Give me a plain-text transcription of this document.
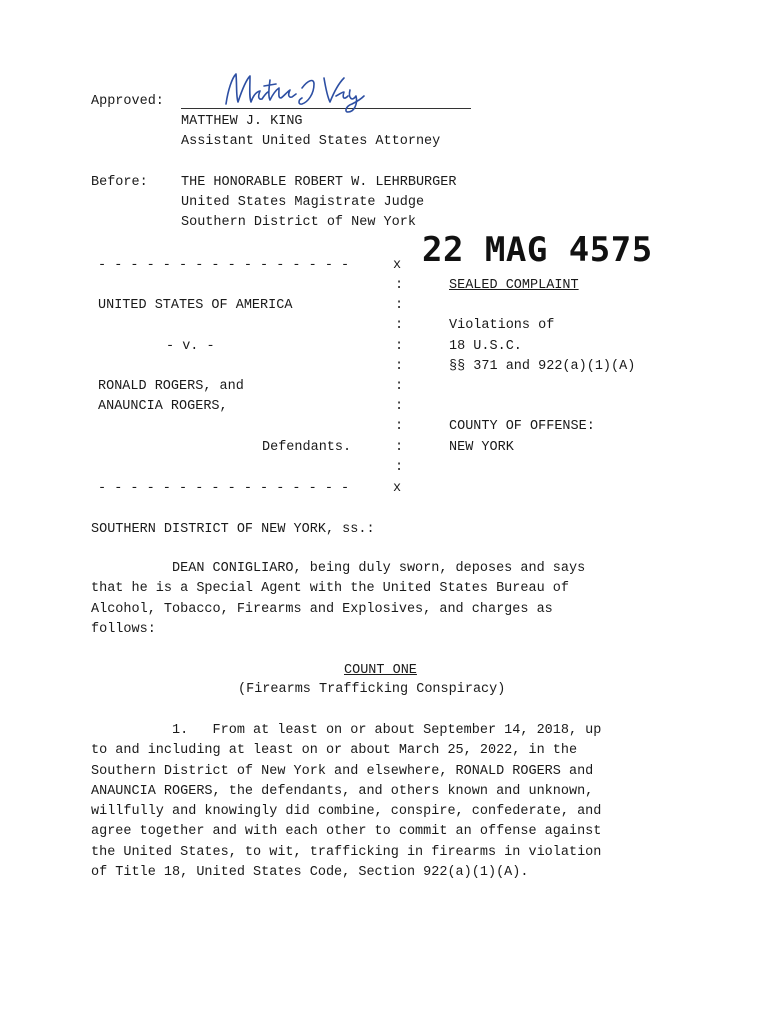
Approved:
MATTHEW J. KING
Assistant United States Attorney
Before: THE HONORABLE ROBERT W. LEHRBURGER
United States Magistrate Judge
Southern District of New York
22 MAG 4575
- - - - - - - - - - - - - - - -	x
:
:
:
:
:
:
:
:
:
:
UNITED STATES OF AMERICA
- v. -
RONALD ROGERS, and
ANAUNCIA ROGERS,
Defendants.
- - - - - - - - - - - - - - - -	x
SEALED COMPLAINT
Violations of
18 U.S.C.
§§ 371 and 922(a)(1)(A)
COUNTY OF OFFENSE:
NEW YORK
SOUTHERN DISTRICT OF NEW YORK, ss.:
DEAN CONIGLIARO, being duly sworn, deposes and says
that he is a Special Agent with the United States Bureau of
Alcohol, Tobacco, Firearms and Explosives, and charges as
follows:
COUNT ONE
(Firearms Trafficking Conspiracy)
1.   From at least on or about September 14, 2018, up
to and including at least on or about March 25, 2022, in the
Southern District of New York and elsewhere, RONALD ROGERS and
ANAUNCIA ROGERS, the defendants, and others known and unknown,
willfully and knowingly did combine, conspire, confederate, and
agree together and with each other to commit an offense against
the United States, to wit, trafficking in firearms in violation
of Title 18, United States Code, Section 922(a)(1)(A).
